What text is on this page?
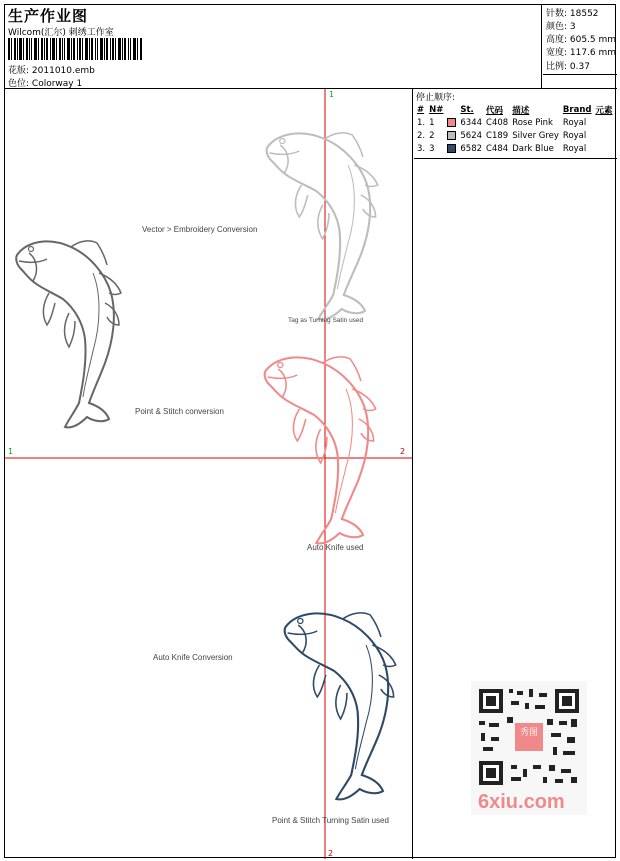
生产作业图
Wilcom(汇尔) 刺绣工作室
花版: 2011010.emb
色位: Colorway 1
针数: 18552
颜色: 3
高度: 605.5 mm
宽度: 117.6 mm
比例: 0.37
Vector > Embroidery Conversion
Tag as Turning Satin used
Point & Stitch conversion
Auto Knife used
Auto Knife Conversion
Point & Stitch Turning Satin used
1
2
1	2
停止顺序:
#	N#		St.	代码	描述	Brand	元素
1.	1		6344	C408	Rose Pink	Royal	
2.	2		5624	C189	Silver Grey	Royal	
3.	3		6582	C484	Dark Blue	Royal	
秀图
6xiu.com
